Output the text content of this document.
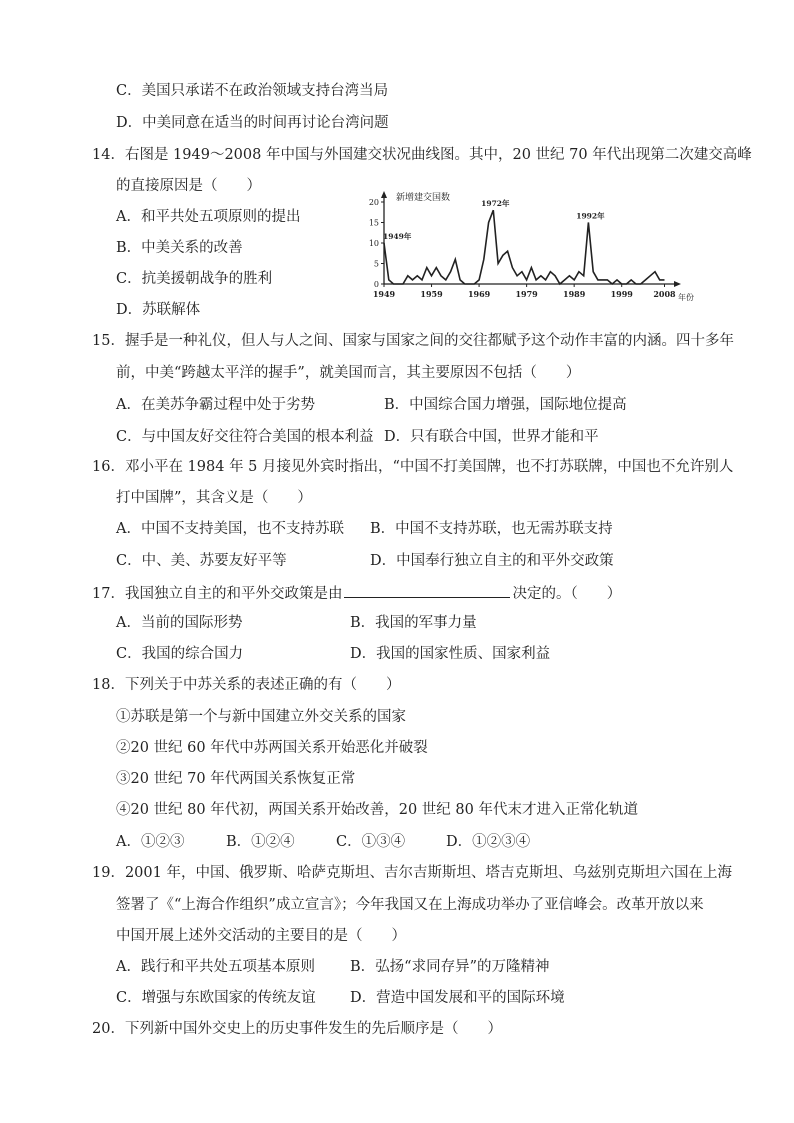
C．美国只承诺不在政治领域支持台湾当局
D．中美同意在适当的时间再讨论台湾问题
14．右图是 1949～2008 年中国与外国建交状况曲线图。其中，20 世纪 70 年代出现第二次建交高峰
的直接原因是（　　）
A．和平共处五项原则的提出
B．中美关系的改善
C．抗美援朝战争的胜利
D．苏联解体
0
5
10
15
20
1949	1959	1969	1979	1989	1999	2008
新增建交国数
年份
1949年
1972年
1992年
15．握手是一种礼仪，但人与人之间、国家与国家之间的交往都赋予这个动作丰富的内涵。四十多年
前，中美“跨越太平洋的握手”，就美国而言，其主要原因不包括（　　）
A．在美苏争霸过程中处于劣势	B．中国综合国力增强，国际地位提高
C．与中国友好交往符合美国的根本利益 D．只有联合中国，世界才能和平
16．邓小平在 1984 年 5 月接见外宾时指出，“中国不打美国牌，也不打苏联牌，中国也不允许别人
打中国牌”，其含义是（　　）
A．中国不支持美国，也不支持苏联 B．中国不支持苏联，也无需苏联支持
C．中、美、苏要友好平等	D．中国奉行独立自主的和平外交政策
17．我国独立自主的和平外交政策是由	决定的。（　　）
A．当前的国际形势	B．我国的军事力量
C．我国的综合国力	D．我国的国家性质、国家利益
18．下列关于中苏关系的表述正确的有（　　）
①苏联是第一个与新中国建立外交关系的国家
②20 世纪 60 年代中苏两国关系开始恶化并破裂
③20 世纪 70 年代两国关系恢复正常
④20 世纪 80 年代初，两国关系开始改善，20 世纪 80 年代末才进入正常化轨道
A．①②③	B．①②④	C．①③④	D．①②③④
19．2001 年，中国、俄罗斯、哈萨克斯坦、吉尔吉斯斯坦、塔吉克斯坦、乌兹别克斯坦六国在上海
签署了《“上海合作组织”成立宣言》；今年我国又在上海成功举办了亚信峰会。改革开放以来
中国开展上述外交活动的主要目的是（　　）
A．践行和平共处五项基本原则 B．弘扬“求同存异”的万隆精神
C．增强与东欧国家的传统友谊 D．营造中国发展和平的国际环境
20．下列新中国外交史上的历史事件发生的先后顺序是（　　）
